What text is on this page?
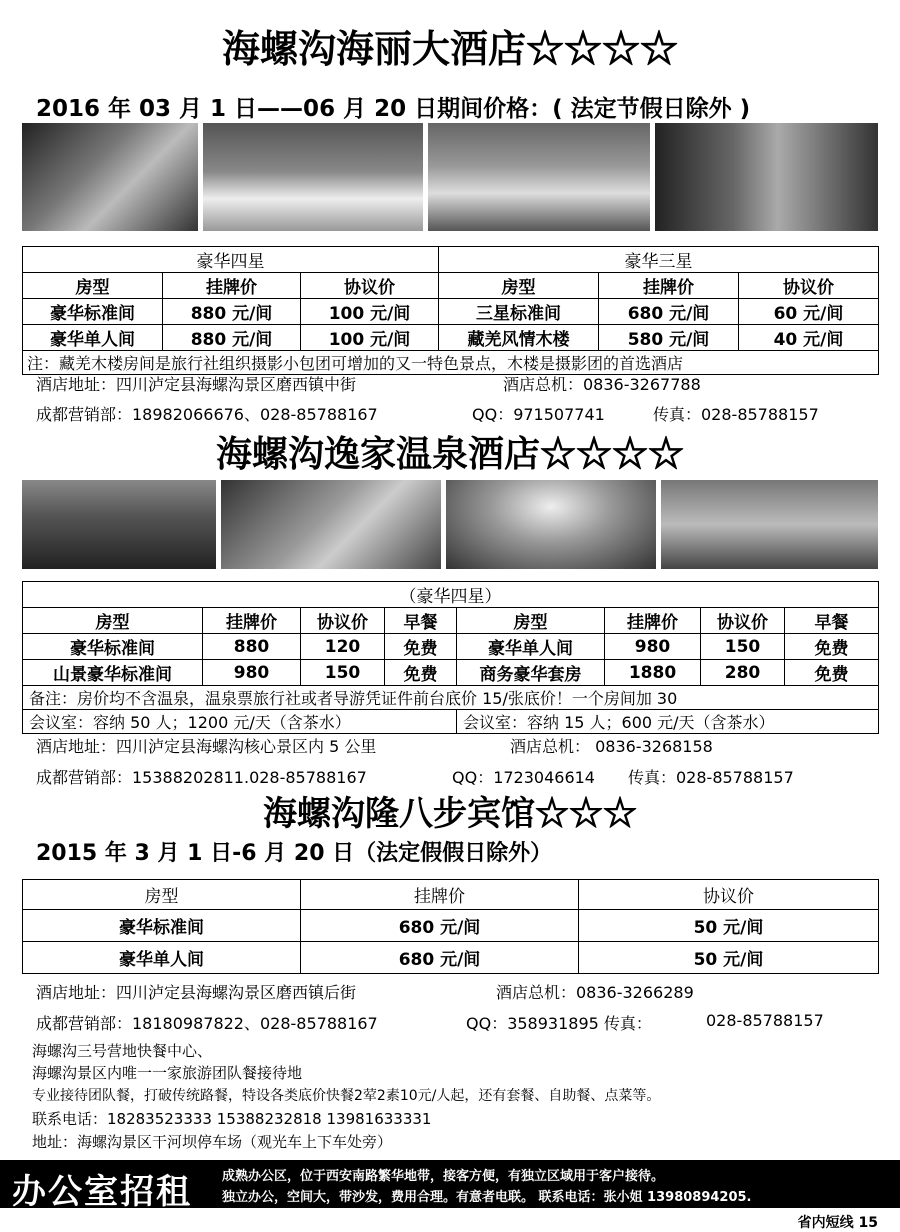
海螺沟海丽大酒店☆☆☆☆
2016 年 03 月 1 日——06 月 20 日期间价格：( 法定节假日除外 )
豪华四星			豪华三星		
房型	挂牌价	协议价	房型	挂牌价	协议价
豪华标准间	880 元/间	100 元/间	三星标准间	680 元/间	60 元/间
豪华单人间	880 元/间	100 元/间	藏羌风情木楼	580 元/间	40 元/间
注：藏羌木楼房间是旅行社组织摄影小包团可增加的又一特色景点，木楼是摄影团的首选酒店					
酒店地址：四川泸定县海螺沟景区磨西镇中街	酒店总机：0836-3267788
成都营销部：18982066676、028-85788167	QQ：971507741	传真：028-85788157
海螺沟逸家温泉酒店☆☆☆☆
（豪华四星）							
房型	挂牌价	协议价	早餐	房型	挂牌价	协议价	早餐
豪华标准间	880	120	免费	豪华单人间	980	150	免费
山景豪华标准间	980	150	免费	商务豪华套房	1880	280	免费
备注：房价均不含温泉，温泉票旅行社或者导游凭证件前台底价 15/张底价！一个房间加 30							
会议室：容纳 50 人；1200 元/天（含茶水）				会议室：容纳 15 人；600 元/天（含茶水）			
酒店地址：四川泸定县海螺沟核心景区内 5 公里	酒店总机： 0836-3268158
成都营销部：15388202811.028-85788167	QQ：1723046614 传真：028-85788157
海螺沟隆八步宾馆☆☆☆
2015 年 3 月 1 日-6 月 20 日（法定假假日除外）
房型	挂牌价	协议价
豪华标准间	680 元/间	50 元/间
豪华单人间	680 元/间	50 元/间
酒店地址：四川泸定县海螺沟景区磨西镇后街	酒店总机：0836-3266289
成都营销部：18180987822、028-85788167	QQ：358931895 传真：	028-85788157
海螺沟三号营地快餐中心、
海螺沟景区内唯一一家旅游团队餐接待地
专业接待团队餐，打破传统路餐，特设各类底价快餐2荤2素10元/人起，还有套餐、自助餐、点菜等。
联系电话：18283523333 15388232818 13981633331
地址：海螺沟景区干河坝停车场（观光车上下车处旁）
办公室招租 成熟办公区，位于西安南路繁华地带，接客方便，有独立区域用于客户接待。
独立办公，空间大，带沙发，费用合理。有意者电联。 联系电话：张小姐 13980894205.
省内短线 15
